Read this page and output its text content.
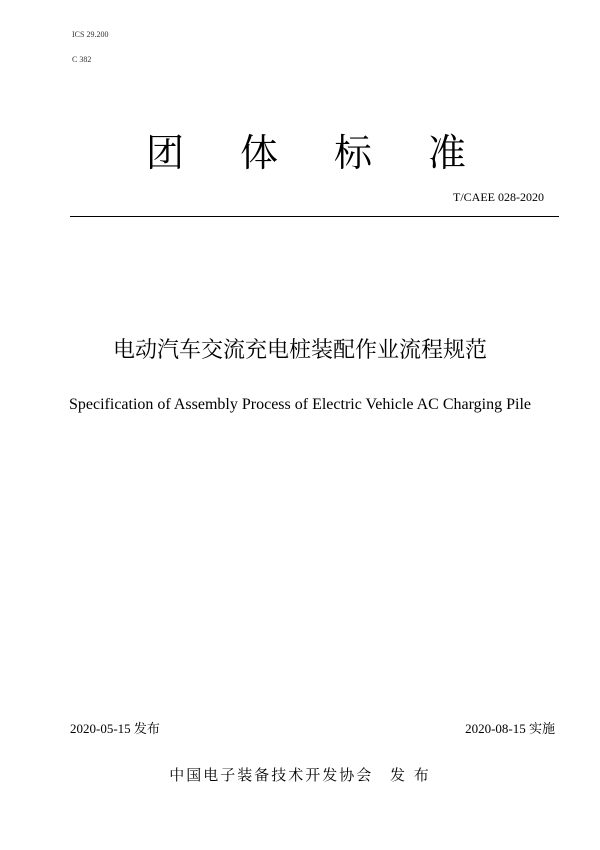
ICS 29.200
C 382
团体标准
T/CAEE 028-2020
电动汽车交流充电桩装配作业流程规范
Specification of Assembly Process of Electric Vehicle AC Charging Pile
2020-05-15 发布	2020-08-15 实施
中国电子装备技术开发协会 发 布
